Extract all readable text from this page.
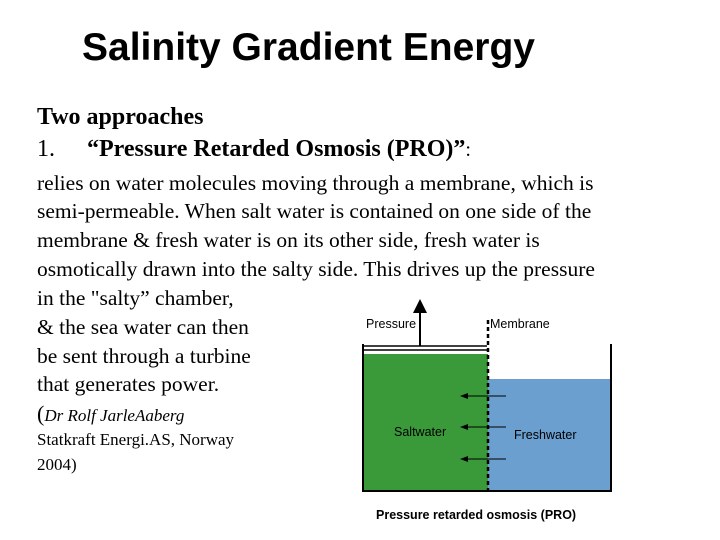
Salinity Gradient Energy
Two approaches
1. “Pressure Retarded Osmosis (PRO)”:
relies on water molecules moving through a membrane, which is
semi-permeable. When salt water is contained on one side of the
membrane & fresh water is on its other side, fresh water is
osmotically drawn into the salty side. This drives up the pressure
in the "salty” chamber,
& the sea water can then
be sent through a turbine
that generates power.
(Dr Rolf JarleAaberg
Statkraft Energi.AS, Norway
2004)
Pressure	Membrane
Saltwater	Freshwater
Pressure retarded osmosis (PRO)
